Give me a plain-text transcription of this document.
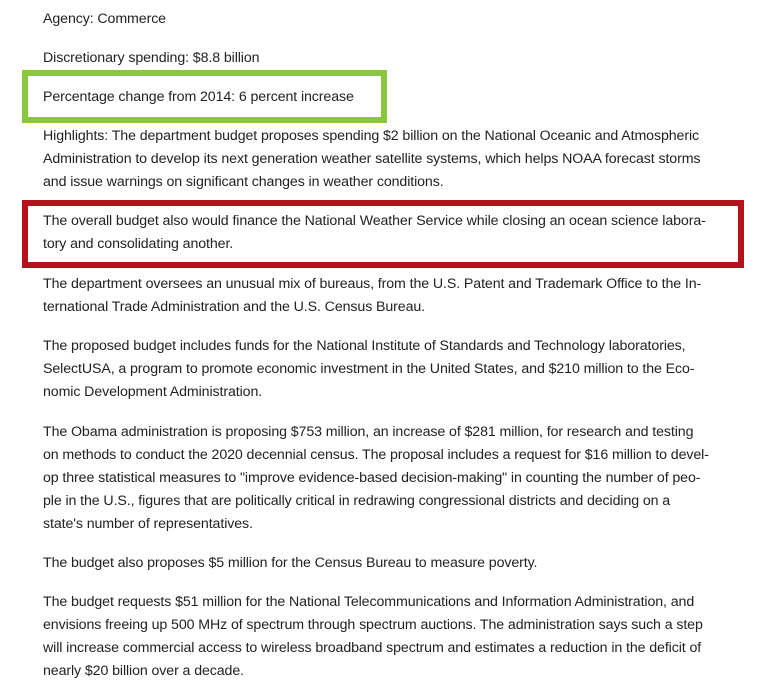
Agency: Commerce
Discretionary spending: $8.8 billion
Percentage change from 2014: 6 percent increase
Highlights: The department budget proposes spending $2 billion on the National Oceanic and Atmospheric
Administration to develop its next generation weather satellite systems, which helps NOAA forecast storms
and issue warnings on significant changes in weather conditions.
The overall budget also would finance the National Weather Service while closing an ocean science labora-
tory and consolidating another.
The department oversees an unusual mix of bureaus, from the U.S. Patent and Trademark Office to the In-
ternational Trade Administration and the U.S. Census Bureau.
The proposed budget includes funds for the National Institute of Standards and Technology laboratories,
SelectUSA, a program to promote economic investment in the United States, and $210 million to the Eco-
nomic Development Administration.
The Obama administration is proposing $753 million, an increase of $281 million, for research and testing
on methods to conduct the 2020 decennial census. The proposal includes a request for $16 million to devel-
op three statistical measures to "improve evidence-based decision-making" in counting the number of peo-
ple in the U.S., figures that are politically critical in redrawing congressional districts and deciding on a
state's number of representatives.
The budget also proposes $5 million for the Census Bureau to measure poverty.
The budget requests $51 million for the National Telecommunications and Information Administration, and
envisions freeing up 500 MHz of spectrum through spectrum auctions. The administration says such a step
will increase commercial access to wireless broadband spectrum and estimates a reduction in the deficit of
nearly $20 billion over a decade.
